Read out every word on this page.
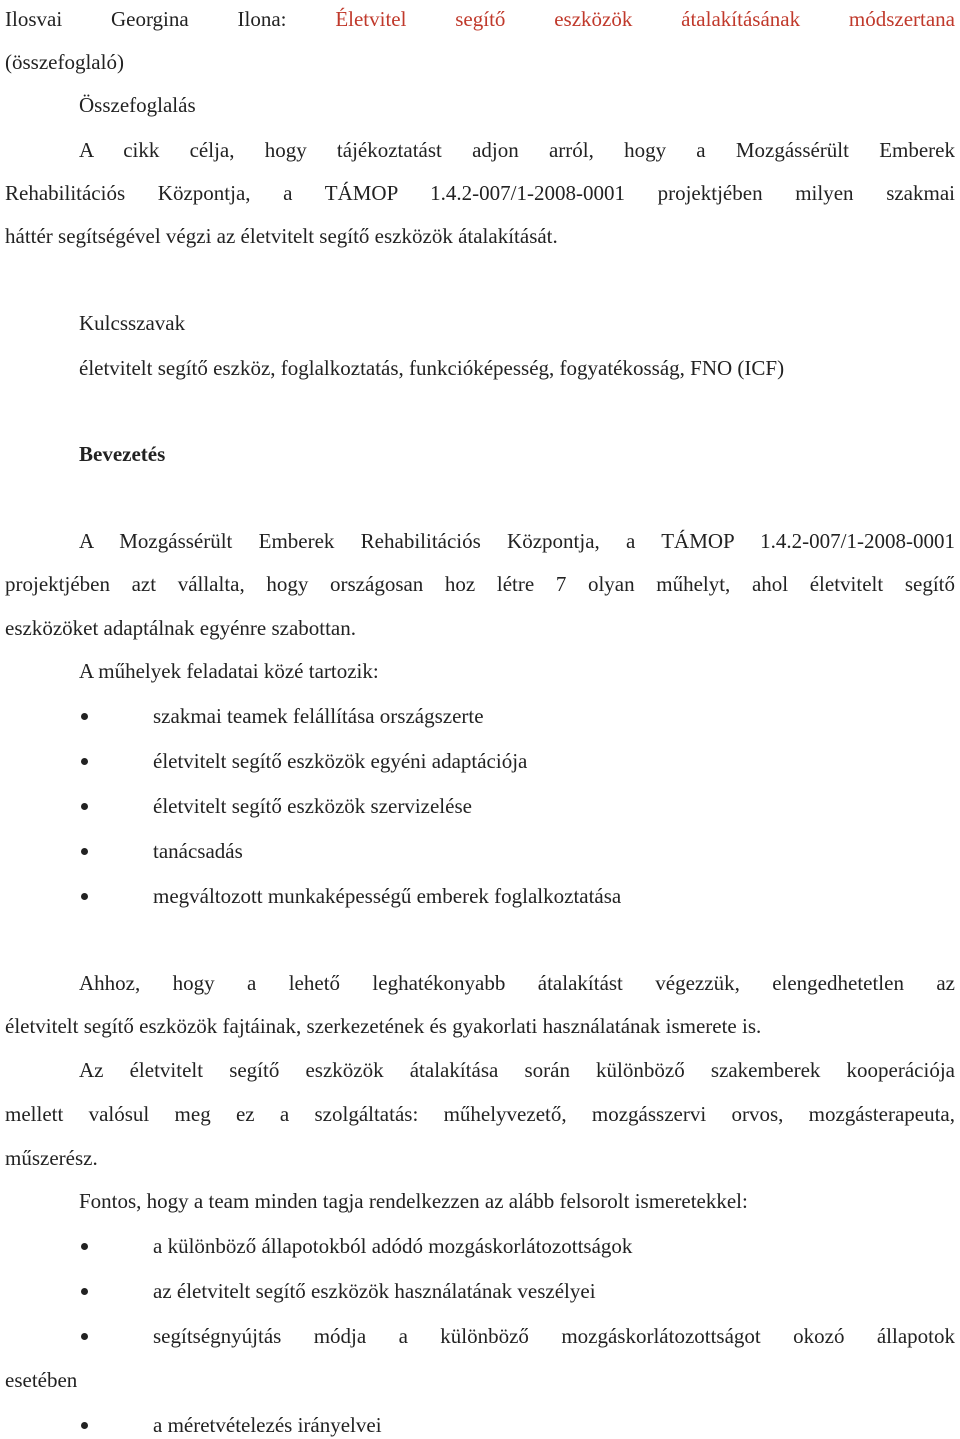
Ilosvai Georgina Ilona: Életvitel segítő eszközök átalakításának módszertana
(összefoglaló)
Összefoglalás
A cikk célja, hogy tájékoztatást adjon arról, hogy a Mozgássérült Emberek
Rehabilitációs Központja, a TÁMOP 1.4.2-007/1-2008-0001 projektjében milyen szakmai
háttér segítségével végzi az életvitelt segítő eszközök átalakítását.
Kulcsszavak
életvitelt segítő eszköz, foglalkoztatás, funkcióképesség, fogyatékosság, FNO (ICF)
Bevezetés
A Mozgássérült Emberek Rehabilitációs Központja, a TÁMOP 1.4.2-007/1-2008-0001
projektjében azt vállalta, hogy országosan hoz létre 7 olyan műhelyt, ahol életvitelt segítő
eszközöket adaptálnak egyénre szabottan.
A műhelyek feladatai közé tartozik:
szakmai teamek felállítása országszerte
életvitelt segítő eszközök egyéni adaptációja
életvitelt segítő eszközök szervizelése
tanácsadás
megváltozott munkaképességű emberek foglalkoztatása
Ahhoz, hogy a lehető leghatékonyabb átalakítást végezzük, elengedhetetlen az
életvitelt segítő eszközök fajtáinak, szerkezetének és gyakorlati használatának ismerete is.
Az életvitelt segítő eszközök átalakítása során különböző szakemberek kooperációja
mellett valósul meg ez a szolgáltatás: műhelyvezető, mozgásszervi orvos, mozgásterapeuta,
műszerész.
Fontos, hogy a team minden tagja rendelkezzen az alább felsorolt ismeretekkel:
a különböző állapotokból adódó mozgáskorlátozottságok
az életvitelt segítő eszközök használatának veszélyei
segítségnyújtás módja a különböző mozgáskorlátozottságot okozó állapotok
esetében
a méretvételezés irányelvei
